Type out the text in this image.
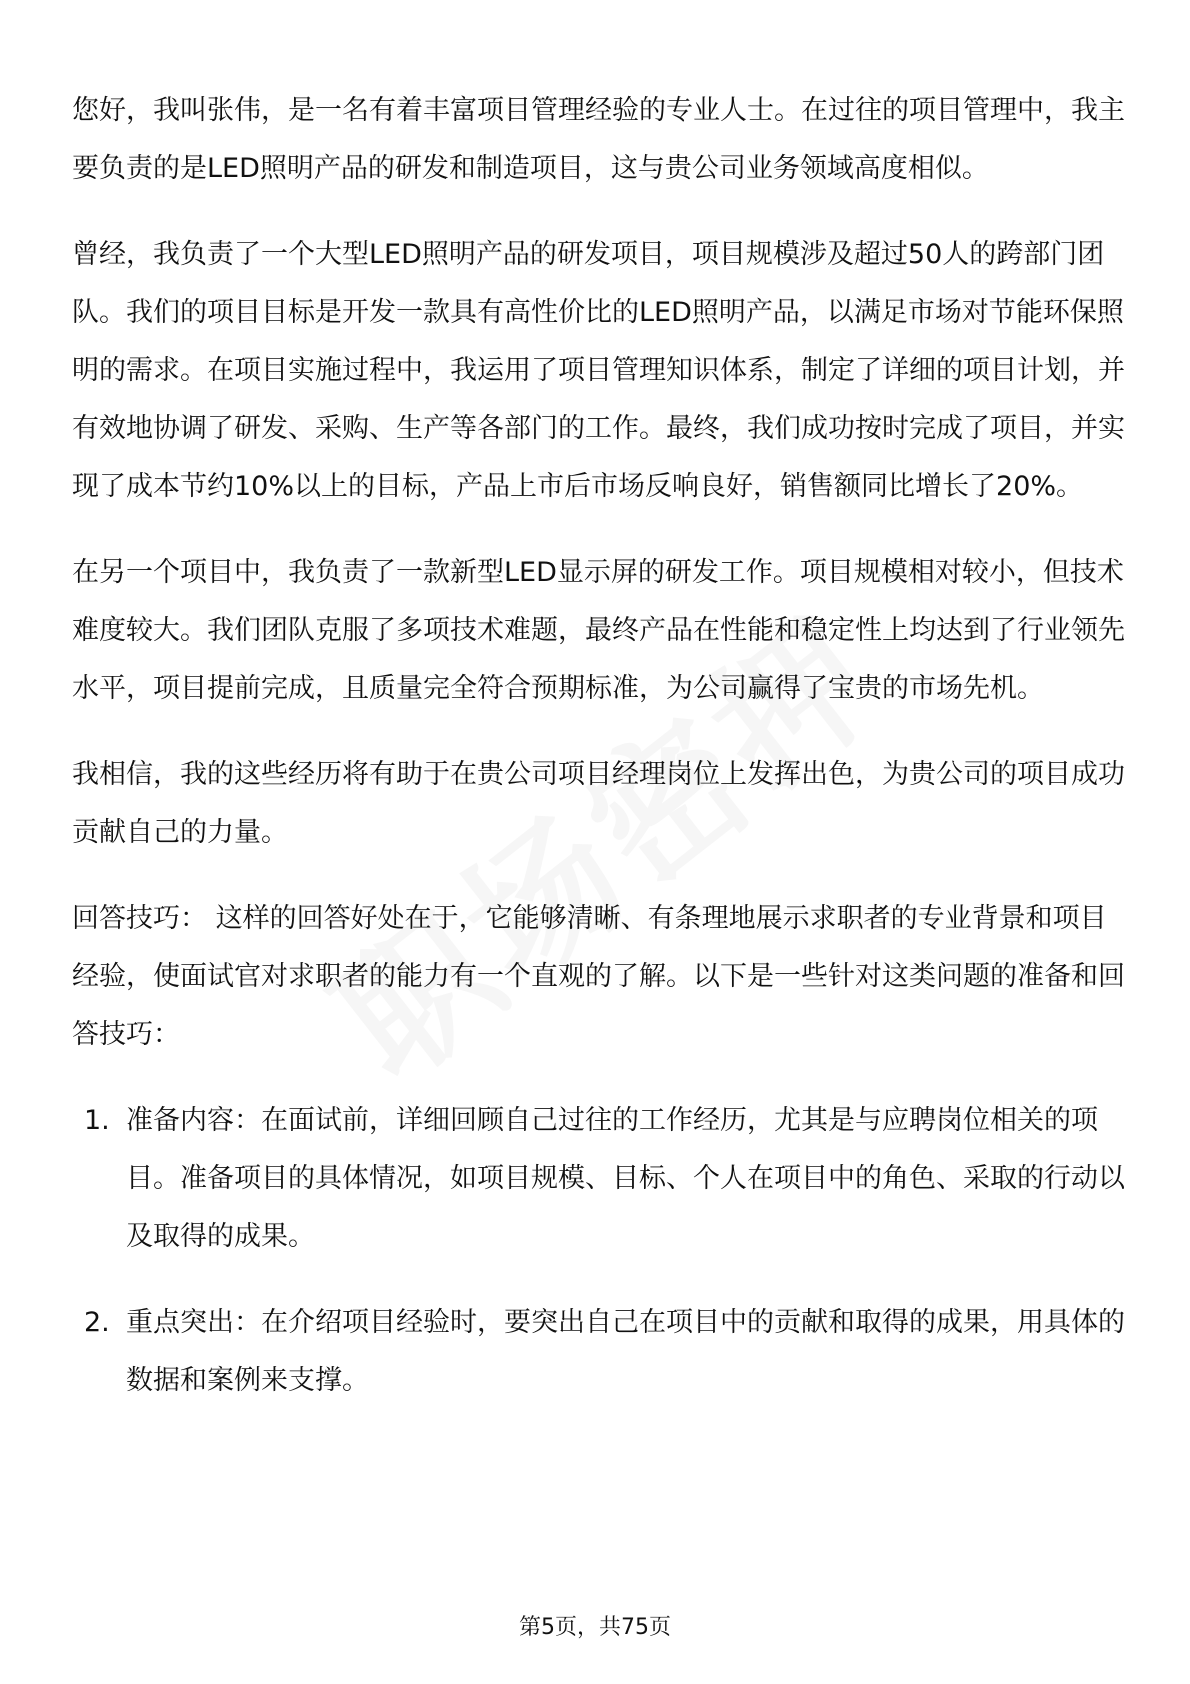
您好，我叫张伟，是一名有着丰富项目管理经验的专业人士。在过往的项目管理中，我主要负责的是LED照明产品的研发和制造项目，这与贵公司业务领域高度相似。

曾经，我负责了一个大型LED照明产品的研发项目，项目规模涉及超过50人的跨部门团队。我们的项目目标是开发一款具有高性价比的LED照明产品，以满足市场对节能环保照明的需求。在项目实施过程中，我运用了项目管理知识体系，制定了详细的项目计划，并有效地协调了研发、采购、生产等各部门的工作。最终，我们成功按时完成了项目，并实现了成本节约10%以上的目标，产品上市后市场反响良好，销售额同比增长了20%。

在另一个项目中，我负责了一款新型LED显示屏的研发工作。项目规模相对较小，但技术难度较大。我们团队克服了多项技术难题，最终产品在性能和稳定性上均达到了行业领先水平，项目提前完成，且质量完全符合预期标准，为公司赢得了宝贵的市场先机。

我相信，我的这些经历将有助于在贵公司项目经理岗位上发挥出色，为贵公司的项目成功贡献自己的力量。

回答技巧： 这样的回答好处在于，它能够清晰、有条理地展示求职者的专业背景和项目经验，使面试官对求职者的能力有一个直观的了解。以下是一些针对这类问题的准备和回答技巧：

1. 准备内容：在面试前，详细回顾自己过往的工作经历，尤其是与应聘岗位相关的项目。准备项目的具体情况，如项目规模、目标、个人在项目中的角色、采取的行动以及取得的成果。
2. 重点突出：在介绍项目经验时，要突出自己在项目中的贡献和取得的成果，用具体的数据和案例来支撑。
第5页，共75页
